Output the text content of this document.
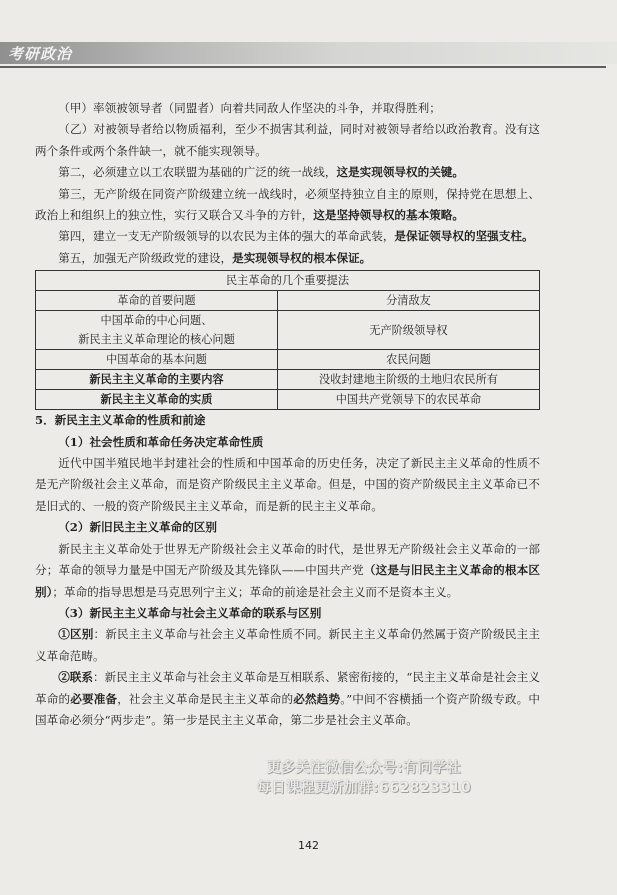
考研政治

（甲）率领被领导者（同盟者）向着共同敌人作坚决的斗争，并取得胜利；

（乙）对被领导者给以物质福利，至少不损害其利益，同时对被领导者给以政治教育。没有这两个条件或两个条件缺一，就不能实现领导。

第二，必须建立以工农联盟为基础的广泛的统一战线，这是实现领导权的关键。

第三，无产阶级在同资产阶级建立统一战线时，必须坚持独立自主的原则，保持党在思想上、政治上和组织上的独立性，实行又联合又斗争的方针，这是坚持领导权的基本策略。

第四，建立一支无产阶级领导的以农民为主体的强大的革命武装，是保证领导权的坚强支柱。

第五，加强无产阶级政党的建设，是实现领导权的根本保证。

民主革命的几个重要提法	
革命的首要问题	分清敌友
中国革命的中心问题、
新民主主义革命理论的核心问题	无产阶级领导权
中国革命的基本问题	农民问题
新民主主义革命的主要内容	没收封建地主阶级的土地归农民所有
新民主主义革命的实质	中国共产党领导下的农民革命

5．新民主主义革命的性质和前途

（1）社会性质和革命任务决定革命性质

近代中国半殖民地半封建社会的性质和中国革命的历史任务，决定了新民主主义革命的性质不是无产阶级社会主义革命，而是资产阶级民主主义革命。但是，中国的资产阶级民主主义革命已不是旧式的、一般的资产阶级民主主义革命，而是新的民主主义革命。

（2）新旧民主主义革命的区别

新民主主义革命处于世界无产阶级社会主义革命的时代，是世界无产阶级社会主义革命的一部分；革命的领导力量是中国无产阶级及其先锋队——中国共产党（这是与旧民主主义革命的根本区别）；革命的指导思想是马克思列宁主义；革命的前途是社会主义而不是资本主义。

（3）新民主主义革命与社会主义革命的联系与区别

①区别：新民主主义革命与社会主义革命性质不同。新民主主义革命仍然属于资产阶级民主主义革命范畴。

②联系：新民主主义革命与社会主义革命是互相联系、紧密衔接的，“民主主义革命是社会主义革命的必要准备，社会主义革命是民主主义革命的必然趋势。”中间不容横插一个资产阶级专政。中国革命必须分“两步走”。第一步是民主主义革命，第二步是社会主义革命。

更多关注微信公众号:有问学社
每日课程更新加群:662823310
142
